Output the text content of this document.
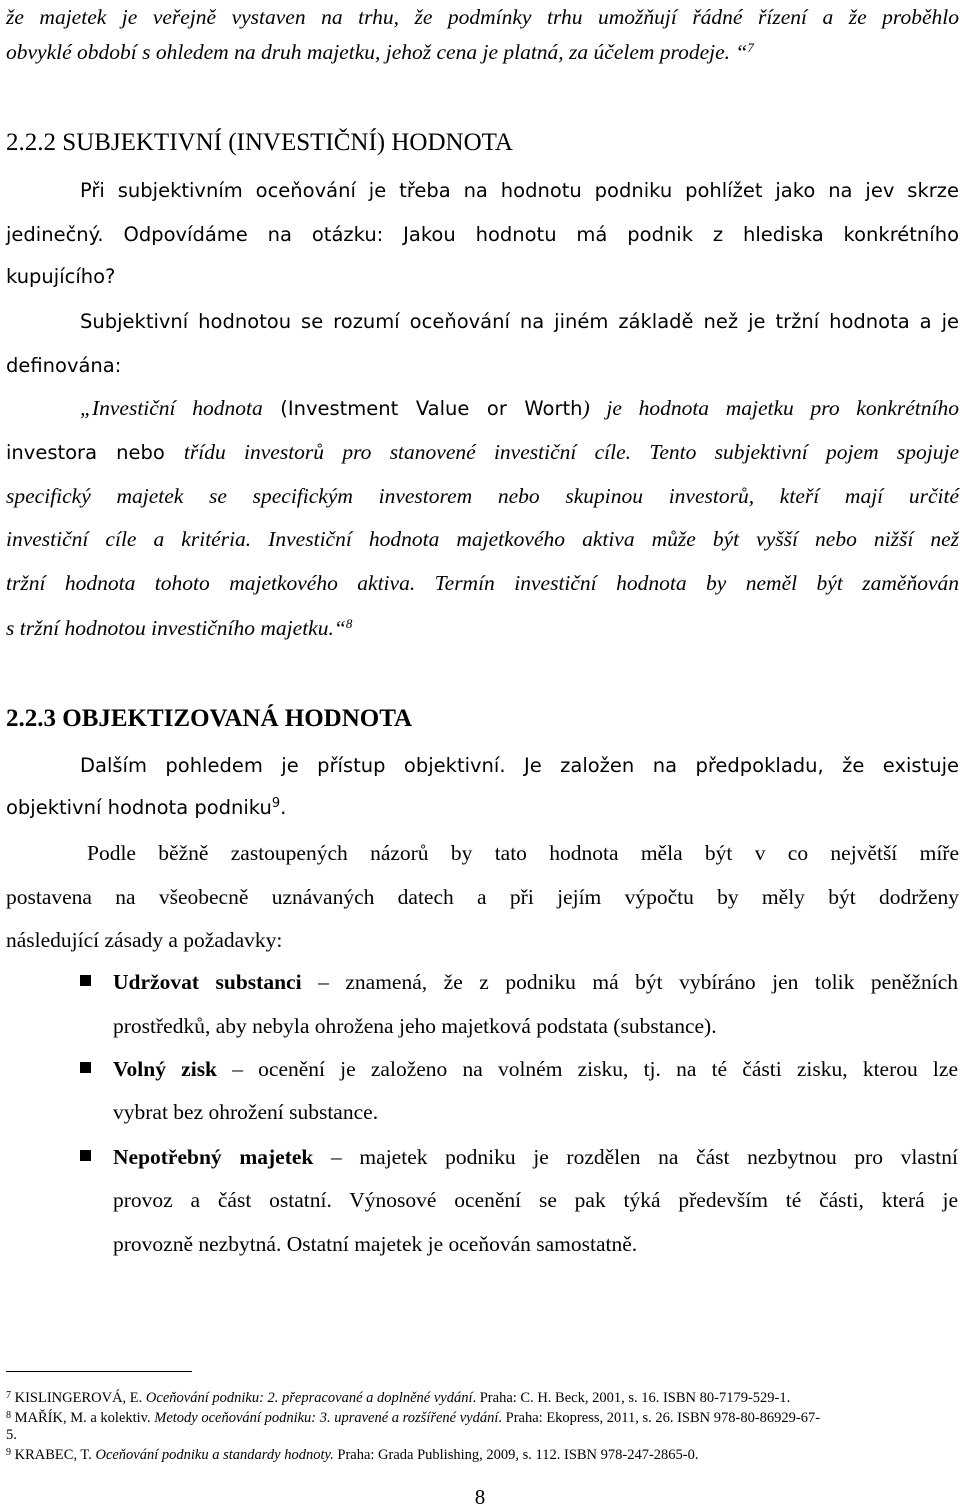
že majetek je veřejně vystaven na trhu, že podmínky trhu umožňují řádné řízení a že proběhlo
obvyklé období s ohledem na druh majetku, jehož cena je platná, za účelem prodeje. “$^7$
2.2.2 SUBJEKTIVNÍ (INVESTIČNÍ) HODNOTA
Při subjektivním oceňování je třeba na hodnotu podniku pohlížet jako na jev skrze
jedinečný. Odpovídáme na otázku: Jakou hodnotu má podnik z hlediska konkrétního
kupujícího?
Subjektivní hodnotou se rozumí oceňování na jiném základě než je tržní hodnota a je
definována:
„Investiční hodnota (Investment Value or Worth) je hodnota majetku pro konkrétního
investora nebo třídu investorů pro stanovené investiční cíle. Tento subjektivní pojem spojuje
specifický majetek se specifickým investorem nebo skupinou investorů, kteří mají určité
investiční cíle a kritéria. Investiční hodnota majetkového aktiva může být vyšší nebo nižší než
tržní hodnota tohoto majetkového aktiva. Termín investiční hodnota by neměl být zaměňován
s tržní hodnotou investičního majetku.“$^8$
2.2.3 OBJEKTIZOVANÁ HODNOTA
Dalším pohledem je přístup objektivní. Je založen na předpokladu, že existuje
objektivní hodnota podniku$^9$.
Podle běžně zastoupených názorů by tato hodnota měla být v co největší míře
postavena na všeobecně uznávaných datech a při jejím výpočtu by měly být dodrženy
následující zásady a požadavky:
Udržovat substanci – znamená, že z podniku má být vybíráno jen tolik peněžních
prostředků, aby nebyla ohrožena jeho majetková podstata (substance).
Volný zisk – ocenění je založeno na volném zisku, tj. na té části zisku, kterou lze
vybrat bez ohrožení substance.
Nepotřebný majetek – majetek podniku je rozdělen na část nezbytnou pro vlastní
provoz a část ostatní. Výnosové ocenění se pak týká především té části, která je
provozně nezbytná. Ostatní majetek je oceňován samostatně.
$^7$ KISLINGEROVÁ, E. Oceňování podniku: 2. přepracované a doplněné vydání. Praha: C. H. Beck, 2001, s. 16. ISBN 80-7179-529-1.
$^8$ MAŘÍK, M. a kolektiv. Metody oceňování podniku: 3. upravené a rozšířené vydání. Praha: Ekopress, 2011, s. 26. ISBN 978-80-86929-67-
5.
$^9$ KRABEC, T. Oceňování podniku a standardy hodnoty. Praha: Grada Publishing, 2009, s. 112. ISBN 978-247-2865-0.
8
